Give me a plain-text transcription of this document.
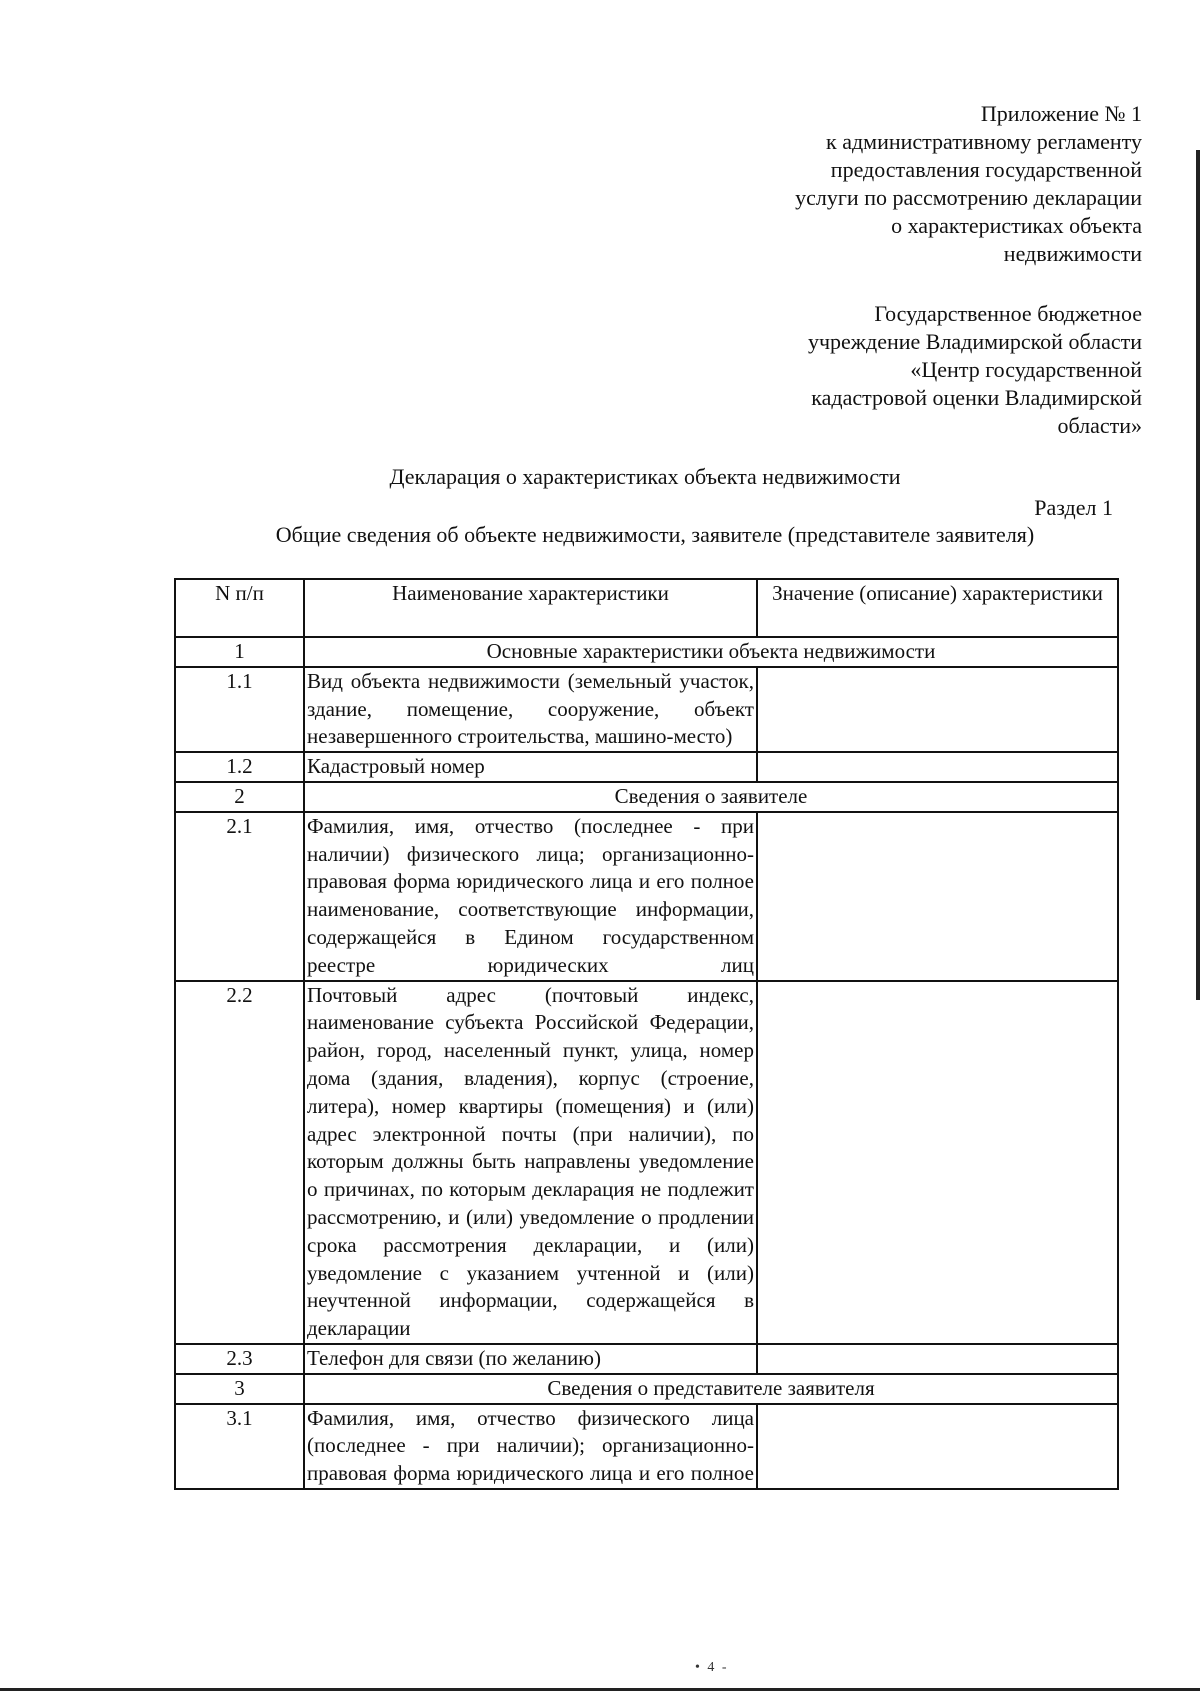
Приложение № 1
к административному регламенту
предоставления государственной
услуги по рассмотрению декларации
о характеристиках объекта
недвижимости
Государственное бюджетное
учреждение Владимирской области
«Центр государственной
кадастровой оценки Владимирской
области»
Декларация о характеристиках объекта недвижимости
Раздел 1
Общие сведения об объекте недвижимости, заявителе (представителе заявителя)
N п/п	Наименование характеристики	Значение (описание) характеристики
1	Основные характеристики объекта недвижимости	
1.1	Вид объекта недвижимости (земельный участок, здание, помещение, сооружение, объект незавершенного строительства, машино-место)	
1.2	Кадастровый номер	
2	Сведения о заявителе	
2.1	Фамилия, имя, отчество (последнее - при наличии) физического лица; организационно-правовая форма юридического лица и его полное наименование, соответствующие информации, содержащейся в Едином государственном реестре юридических лиц	
2.2	Почтовый адрес (почтовый индекс, наименование субъекта Российской Федерации, район, город, населенный пункт, улица, номер дома (здания, владения), корпус (строение, литера), номер квартиры (помещения) и (или) адрес электронной почты (при наличии), по которым должны быть направлены уведомление о причинах, по которым декларация не подлежит рассмотрению, и (или) уведомление о продлении срока рассмотрения декларации, и (или) уведомление с указанием учтенной и (или) неучтенной информации, содержащейся в декларации	
2.3	Телефон для связи (по желанию)	
3	Сведения о представителе заявителя	
3.1	Фамилия, имя, отчество физического лица (последнее - при наличии); организационно-правовая форма юридического лица и его полное	
• 4 -
